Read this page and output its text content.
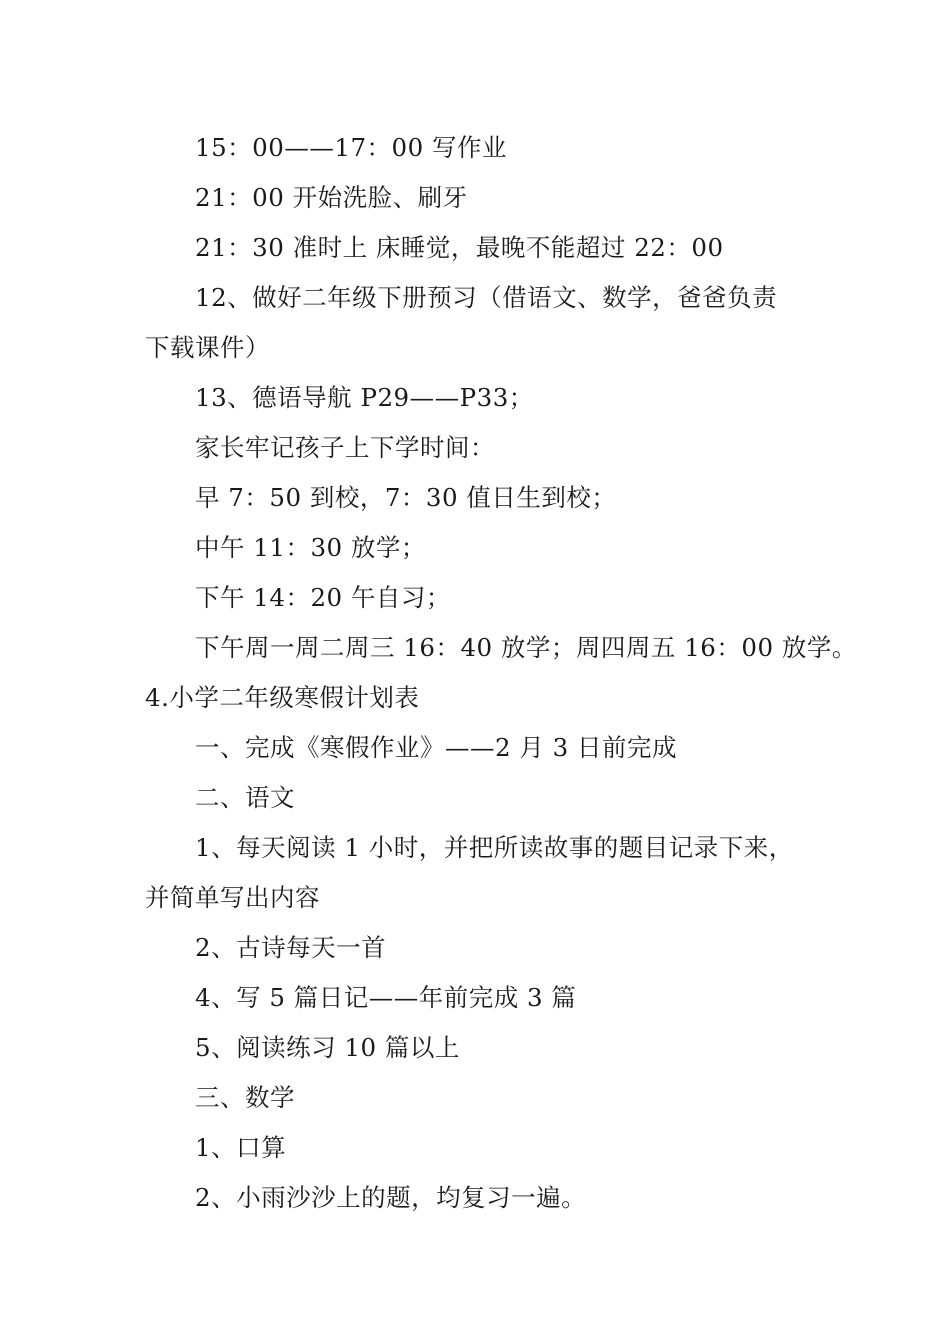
15：00——17：00 写作业
21：00 开始洗脸、刷牙
21：30 准时上 床睡觉，最晚不能超过 22：00
12、做好二年级下册预习（借语文、数学，爸爸负责
下载课件）
13、德语导航 P29——P33；
家长牢记孩子上下学时间：
早 7：50 到校，7：30 值日生到校；
中午 11：30 放学；
下午 14：20 午自习；
下午周一周二周三 16：40 放学；周四周五 16：00 放学。
4.小学二年级寒假计划表
一、完成《寒假作业》——2 月 3 日前完成
二、语文
1、每天阅读 1 小时，并把所读故事的题目记录下来，
并简单写出内容
2、古诗每天一首
4、写 5 篇日记——年前完成 3 篇
5、阅读练习 10 篇以上
三、数学
1、口算
2、小雨沙沙上的题，均复习一遍。
